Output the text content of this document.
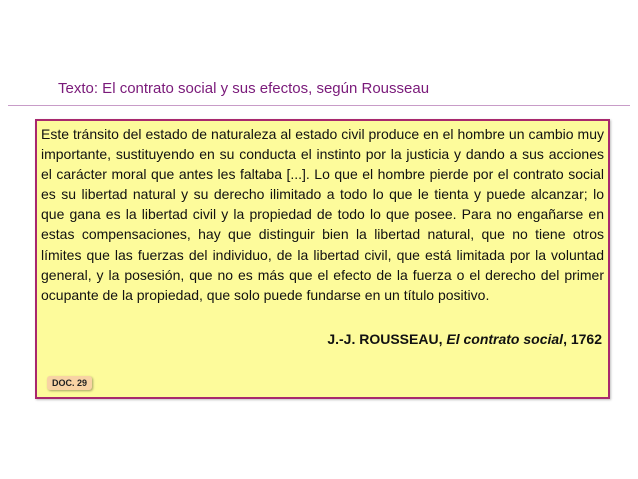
Texto: El contrato social y sus efectos, según Rousseau

Este tránsito del estado de naturaleza al estado civil produce en el hombre un cambio muy importante, sustituyendo en su conducta el instinto por la justicia y dando a sus acciones el carácter moral que antes les faltaba [...]. Lo que el hombre pierde por el contrato social es su libertad natural y su derecho ilimitado a todo lo que le tienta y puede alcanzar; lo que gana es la libertad civil y la propiedad de todo lo que posee. Para no engañarse en estas compensaciones, hay que distinguir bien la libertad natural, que no tiene otros límites que las fuerzas del individuo, de la libertad civil, que está limitada por la voluntad general, y la posesión, que no es más que el efecto de la fuerza o el derecho del primer ocupante de la propiedad, que solo puede fundarse en un título positivo.

J.-J. ROUSSEAU, El contrato social, 1762
DOC. 29
